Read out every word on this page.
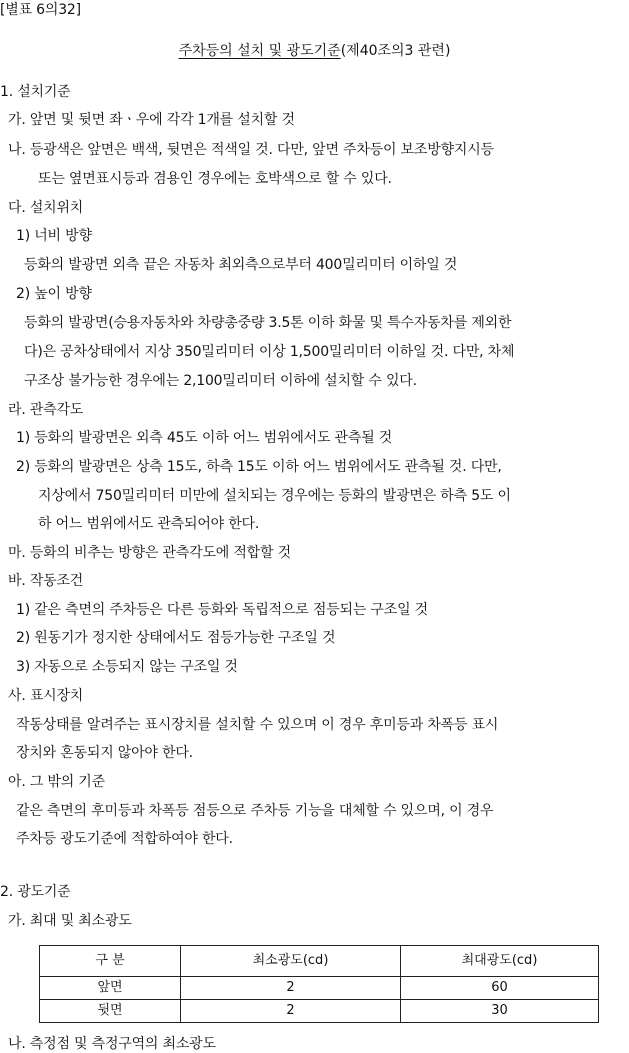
[별표 6의32]
주차등의 설치 및 광도기준(제40조의3 관련)
1. 설치기준
가. 앞면 및 뒷면 좌ㆍ우에 각각 1개를 설치할 것
나. 등광색은 앞면은 백색, 뒷면은 적색일 것. 다만, 앞면 주차등이 보조방향지시등
또는 옆면표시등과 겸용인 경우에는 호박색으로 할 수 있다.
다. 설치위치
1) 너비 방향
등화의 발광면 외측 끝은 자동차 최외측으로부터 400밀리미터 이하일 것
2) 높이 방향
등화의 발광면(승용자동차와 차량총중량 3.5톤 이하 화물 및 특수자동차를 제외한
다)은 공차상태에서 지상 350밀리미터 이상 1,500밀리미터 이하일 것. 다만, 차체
구조상 불가능한 경우에는 2,100밀리미터 이하에 설치할 수 있다.
라. 관측각도
1) 등화의 발광면은 외측 45도 이하 어느 범위에서도 관측될 것
2) 등화의 발광면은 상측 15도, 하측 15도 이하 어느 범위에서도 관측될 것. 다만,
지상에서 750밀리미터 미만에 설치되는 경우에는 등화의 발광면은 하측 5도 이
하 어느 범위에서도 관측되어야 한다.
마. 등화의 비추는 방향은 관측각도에 적합할 것
바. 작동조건
1) 같은 측면의 주차등은 다른 등화와 독립적으로 점등되는 구조일 것
2) 원동기가 정지한 상태에서도 점등가능한 구조일 것
3) 자동으로 소등되지 않는 구조일 것
사. 표시장치
작동상태를 알려주는 표시장치를 설치할 수 있으며 이 경우 후미등과 차폭등 표시
장치와 혼동되지 않아야 한다.
아. 그 밖의 기준
같은 측면의 후미등과 차폭등 점등으로 주차등 기능을 대체할 수 있으며, 이 경우
주차등 광도기준에 적합하여야 한다.
2. 광도기준
가. 최대 및 최소광도
나. 측정점 및 측정구역의 최소광도
구 분	최소광도(cd)	최대광도(cd)
앞면	2	60
뒷면	2	30
